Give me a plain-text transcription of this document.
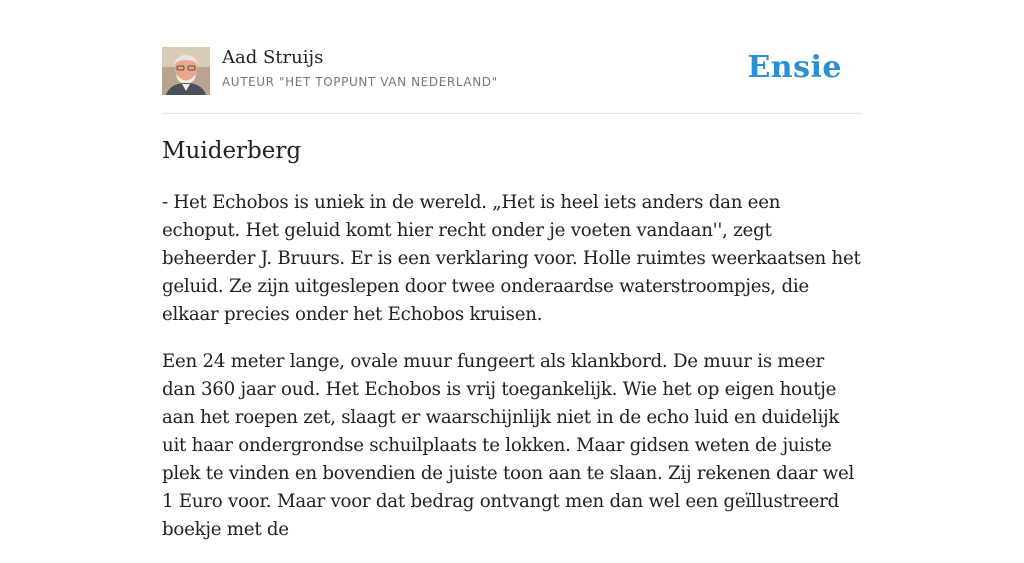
Aad Struijs
AUTEUR "HET TOPPUNT VAN NEDERLAND"	Ensie
Muiderberg

- Het Echobos is uniek in de wereld. „Het is heel iets anders dan een echoput. Het geluid komt hier recht onder je voeten vandaan'', zegt beheerder J. Bruurs. Er is een verklaring voor. Holle ruimtes weerkaatsen het geluid. Ze zijn uitgeslepen door twee onderaardse waterstroompjes, die elkaar precies onder het Echobos kruisen.

Een 24 meter lange, ovale muur fungeert als klankbord. De muur is meer dan 360 jaar oud. Het Echobos is vrij toegankelijk. Wie het op eigen houtje aan het roepen zet, slaagt er waarschijnlijk niet in de echo luid en duidelijk uit haar ondergrondse schuilplaats te lokken. Maar gidsen weten de juiste plek te vinden en bovendien de juiste toon aan te slaan. Zij rekenen daar wel 1 Euro voor. Maar voor dat bedrag ontvangt men dan wel een geïllustreerd boekje met de
